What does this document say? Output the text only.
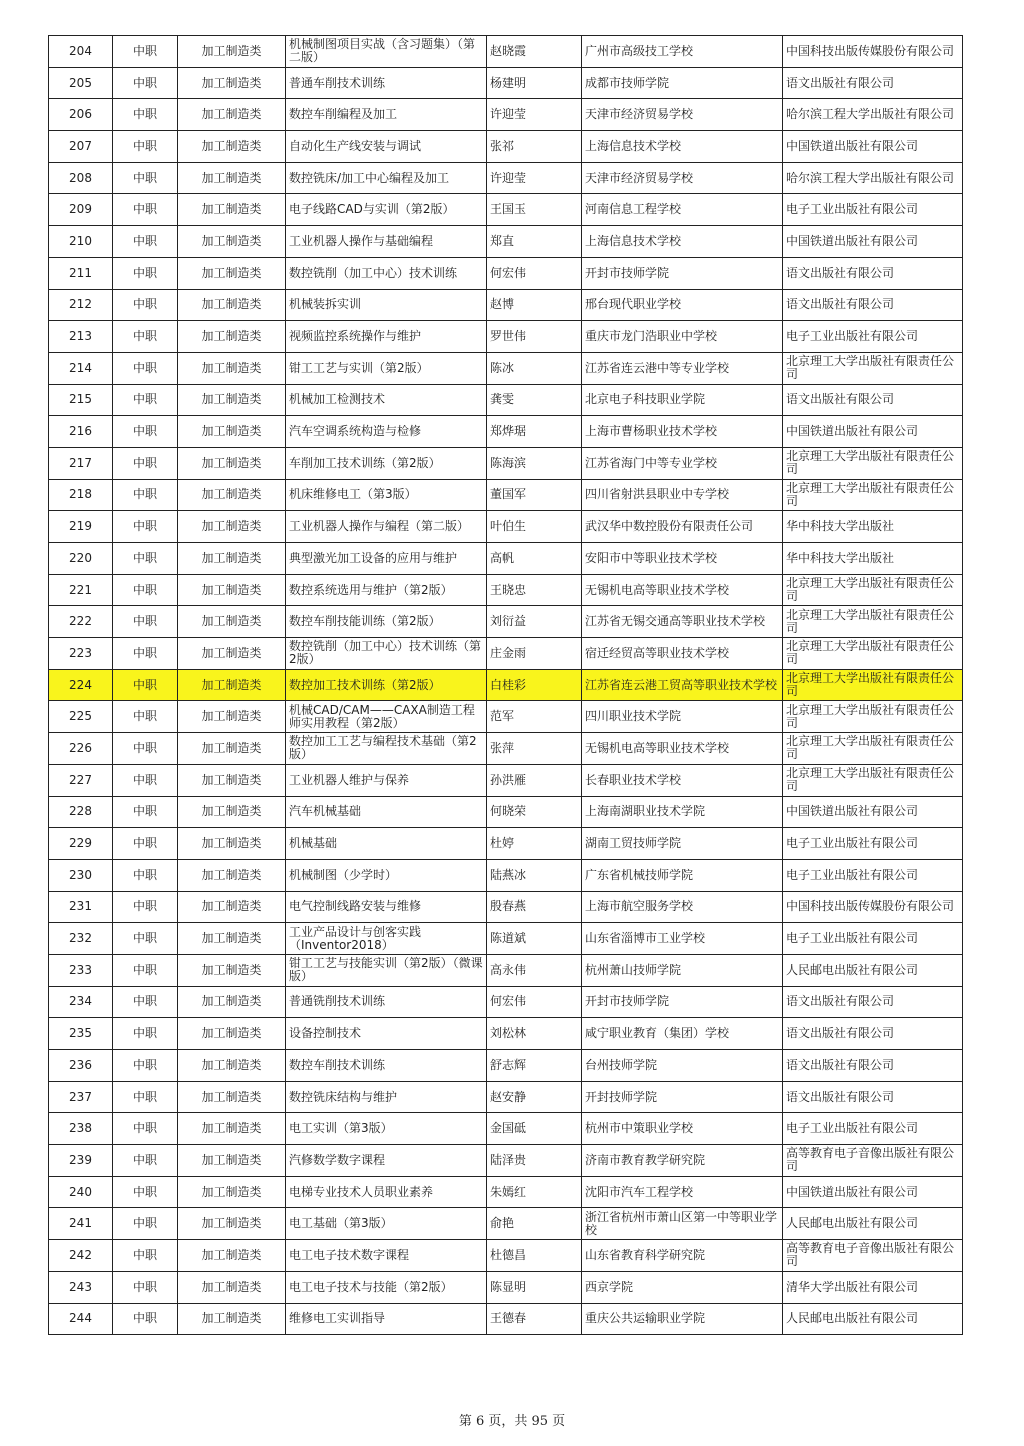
204	中职	加工制造类	机械制图项目实战（含习题集）（第二版）	赵晓霞	广州市高级技工学校	中国科技出版传媒股份有限公司
205	中职	加工制造类	普通车削技术训练	杨建明	成都市技师学院	语文出版社有限公司
206	中职	加工制造类	数控车削编程及加工	许迎莹	天津市经济贸易学校	哈尔滨工程大学出版社有限公司
207	中职	加工制造类	自动化生产线安装与调试	张祁	上海信息技术学校	中国铁道出版社有限公司
208	中职	加工制造类	数控铣床/加工中心编程及加工	许迎莹	天津市经济贸易学校	哈尔滨工程大学出版社有限公司
209	中职	加工制造类	电子线路CAD与实训（第2版）	王国玉	河南信息工程学校	电子工业出版社有限公司
210	中职	加工制造类	工业机器人操作与基础编程	郑直	上海信息技术学校	中国铁道出版社有限公司
211	中职	加工制造类	数控铣削（加工中心）技术训练	何宏伟	开封市技师学院	语文出版社有限公司
212	中职	加工制造类	机械装拆实训	赵博	邢台现代职业学校	语文出版社有限公司
213	中职	加工制造类	视频监控系统操作与维护	罗世伟	重庆市龙门浩职业中学校	电子工业出版社有限公司
214	中职	加工制造类	钳工工艺与实训（第2版）	陈冰	江苏省连云港中等专业学校	北京理工大学出版社有限责任公司
215	中职	加工制造类	机械加工检测技术	龚雯	北京电子科技职业学院	语文出版社有限公司
216	中职	加工制造类	汽车空调系统构造与检修	郑烨琚	上海市曹杨职业技术学校	中国铁道出版社有限公司
217	中职	加工制造类	车削加工技术训练（第2版）	陈海滨	江苏省海门中等专业学校	北京理工大学出版社有限责任公司
218	中职	加工制造类	机床维修电工（第3版）	董国军	四川省射洪县职业中专学校	北京理工大学出版社有限责任公司
219	中职	加工制造类	工业机器人操作与编程（第二版）	叶伯生	武汉华中数控股份有限责任公司	华中科技大学出版社
220	中职	加工制造类	典型激光加工设备的应用与维护	高帆	安阳市中等职业技术学校	华中科技大学出版社
221	中职	加工制造类	数控系统选用与维护（第2版）	王晓忠	无锡机电高等职业技术学校	北京理工大学出版社有限责任公司
222	中职	加工制造类	数控车削技能训练（第2版）	刘衍益	江苏省无锡交通高等职业技术学校	北京理工大学出版社有限责任公司
223	中职	加工制造类	数控铣削（加工中心）技术训练（第2版）	庄金雨	宿迁经贸高等职业技术学校	北京理工大学出版社有限责任公司
224	中职	加工制造类	数控加工技术训练（第2版）	白桂彩	江苏省连云港工贸高等职业技术学校	北京理工大学出版社有限责任公司
225	中职	加工制造类	机械CAD/CAM——CAXA制造工程师实用教程（第2版）	范军	四川职业技术学院	北京理工大学出版社有限责任公司
226	中职	加工制造类	数控加工工艺与编程技术基础（第2版）	张萍	无锡机电高等职业技术学校	北京理工大学出版社有限责任公司
227	中职	加工制造类	工业机器人维护与保养	孙洪雁	长春职业技术学校	北京理工大学出版社有限责任公司
228	中职	加工制造类	汽车机械基础	何晓荣	上海南湖职业技术学院	中国铁道出版社有限公司
229	中职	加工制造类	机械基础	杜婷	湖南工贸技师学院	电子工业出版社有限公司
230	中职	加工制造类	机械制图（少学时）	陆燕冰	广东省机械技师学院	电子工业出版社有限公司
231	中职	加工制造类	电气控制线路安装与维修	殷春燕	上海市航空服务学校	中国科技出版传媒股份有限公司
232	中职	加工制造类	工业产品设计与创客实践（Inventor2018）	陈道斌	山东省淄博市工业学校	电子工业出版社有限公司
233	中职	加工制造类	钳工工艺与技能实训（第2版）（微课版）	高永伟	杭州萧山技师学院	人民邮电出版社有限公司
234	中职	加工制造类	普通铣削技术训练	何宏伟	开封市技师学院	语文出版社有限公司
235	中职	加工制造类	设备控制技术	刘松林	咸宁职业教育（集团）学校	语文出版社有限公司
236	中职	加工制造类	数控车削技术训练	舒志辉	台州技师学院	语文出版社有限公司
237	中职	加工制造类	数控铣床结构与维护	赵安静	开封技师学院	语文出版社有限公司
238	中职	加工制造类	电工实训（第3版）	金国砥	杭州市中策职业学校	电子工业出版社有限公司
239	中职	加工制造类	汽修数学数字课程	陆泽贵	济南市教育教学研究院	高等教育电子音像出版社有限公司
240	中职	加工制造类	电梯专业技术人员职业素养	朱嫣红	沈阳市汽车工程学校	中国铁道出版社有限公司
241	中职	加工制造类	电工基础（第3版）	俞艳	浙江省杭州市萧山区第一中等职业学校	人民邮电出版社有限公司
242	中职	加工制造类	电工电子技术数字课程	杜德昌	山东省教育科学研究院	高等教育电子音像出版社有限公司
243	中职	加工制造类	电工电子技术与技能（第2版）	陈显明	西京学院	清华大学出版社有限公司
244	中职	加工制造类	维修电工实训指导	王德春	重庆公共运输职业学院	人民邮电出版社有限公司
第 6 页，共 95 页
